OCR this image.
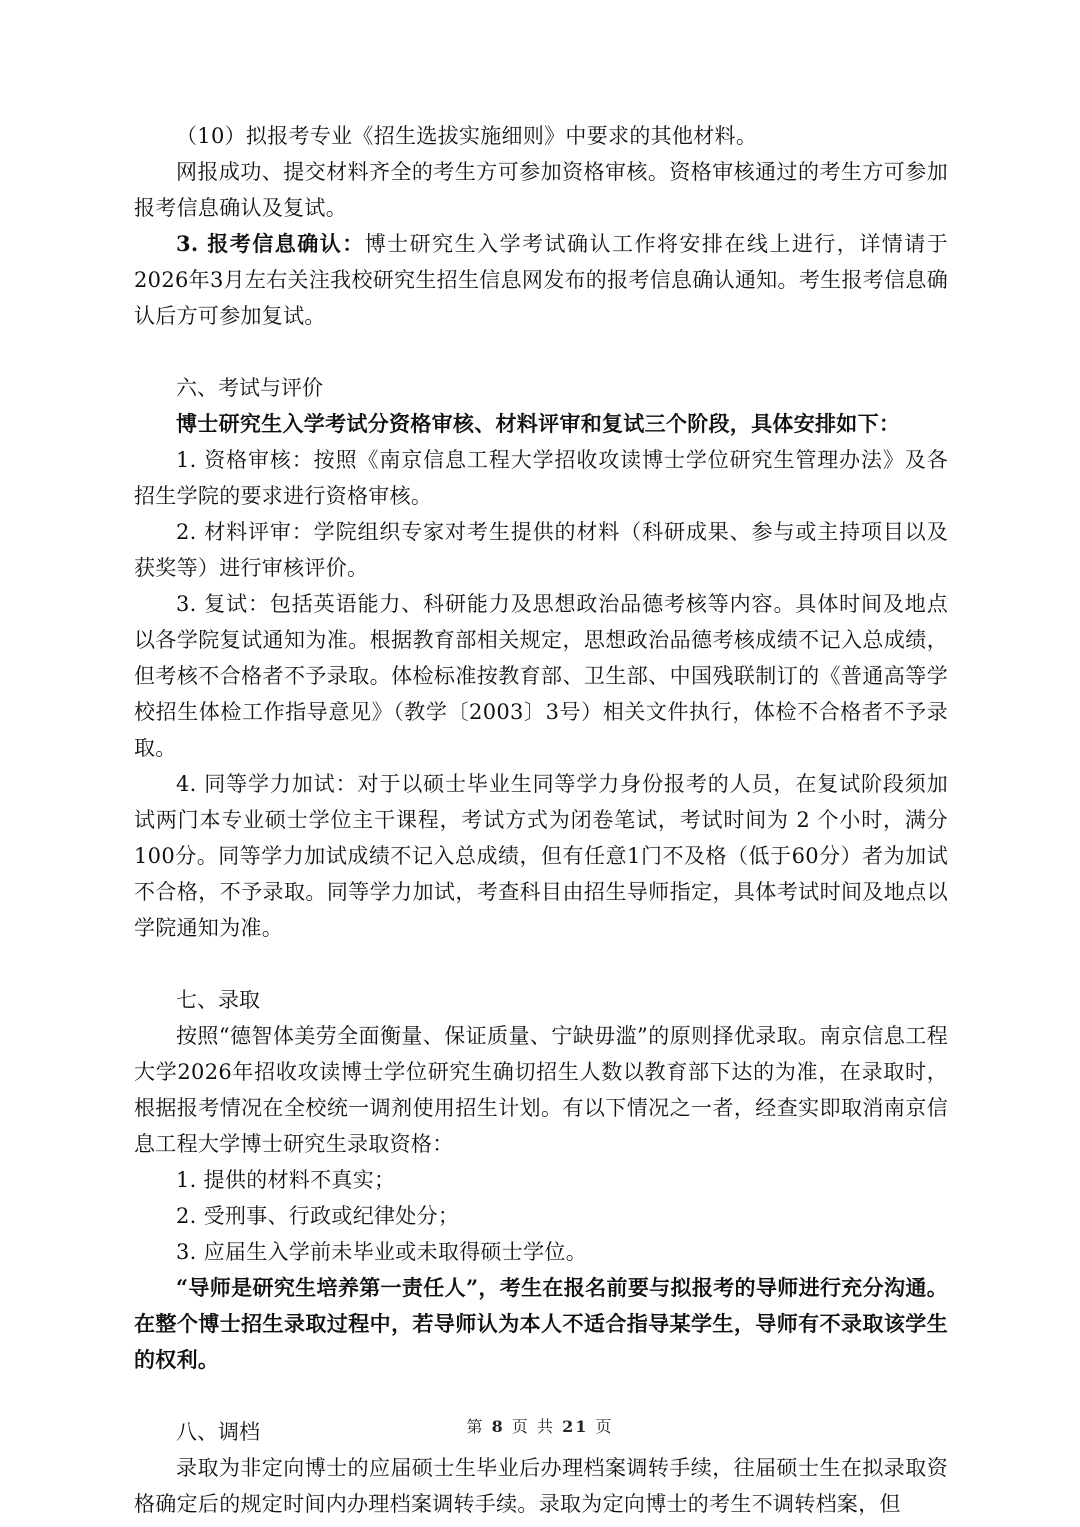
（10）拟报考专业《招生选拔实施细则》中要求的其他材料。

网报成功、提交材料齐全的考生方可参加资格审核。资格审核通过的考生方可参加报考信息确认及复试。

3. 报考信息确认：博士研究生入学考试确认工作将安排在线上进行，详情请于2026年3月左右关注我校研究生招生信息网发布的报考信息确认通知。考生报考信息确认后方可参加复试。

六、考试与评价

博士研究生入学考试分资格审核、材料评审和复试三个阶段，具体安排如下：

1. 资格审核：按照《南京信息工程大学招收攻读博士学位研究生管理办法》及各招生学院的要求进行资格审核。

2. 材料评审：学院组织专家对考生提供的材料（科研成果、参与或主持项目以及获奖等）进行审核评价。

3. 复试：包括英语能力、科研能力及思想政治品德考核等内容。具体时间及地点以各学院复试通知为准。根据教育部相关规定，思想政治品德考核成绩不记入总成绩，但考核不合格者不予录取。体检标准按教育部、卫生部、中国残联制订的《普通高等学校招生体检工作指导意见》（教学〔2003〕3号）相关文件执行，体检不合格者不予录取。

4. 同等学力加试：对于以硕士毕业生同等学力身份报考的人员，在复试阶段须加试两门本专业硕士学位主干课程，考试方式为闭卷笔试，考试时间为 2 个小时，满分100分。同等学力加试成绩不记入总成绩，但有任意1门不及格（低于60分）者为加试不合格，不予录取。同等学力加试，考查科目由招生导师指定，具体考试时间及地点以学院通知为准。

七、录取

按照“德智体美劳全面衡量、保证质量、宁缺毋滥”的原则择优录取。南京信息工程大学2026年招收攻读博士学位研究生确切招生人数以教育部下达的为准，在录取时，根据报考情况在全校统一调剂使用招生计划。有以下情况之一者，经查实即取消南京信息工程大学博士研究生录取资格：

1. 提供的材料不真实；

2. 受刑事、行政或纪律处分；

3. 应届生入学前未毕业或未取得硕士学位。

“导师是研究生培养第一责任人”，考生在报名前要与拟报考的导师进行充分沟通。在整个博士招生录取过程中，若导师认为本人不适合指导某学生，导师有不录取该学生的权利。

八、调档

录取为非定向博士的应届硕士生毕业后办理档案调转手续，往届硕士生在拟录取资格确定后的规定时间内办理档案调转手续。录取为定向博士的考生不调转档案，但

第 8 页 共 21 页
